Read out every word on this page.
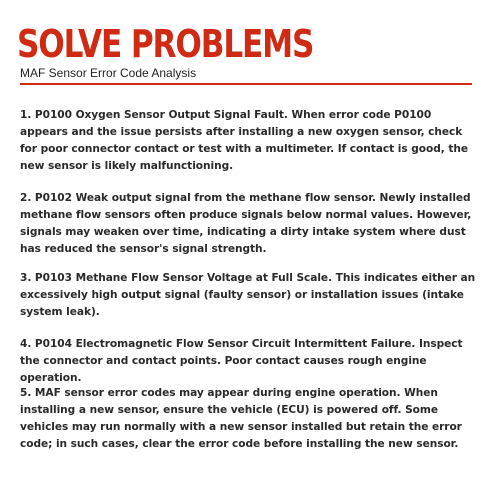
SOLVE PROBLEMS
MAF Sensor Error Code Analysis

1. P0100 Oxygen Sensor Output Signal Fault. When error code P0100 appears and the issue persists after installing a new oxygen sensor, check for poor connector contact or test with a multimeter. If contact is good, the new sensor is likely malfunctioning.

2. P0102 Weak output signal from the methane flow sensor. Newly installed methane flow sensors often produce signals below normal values. However, signals may weaken over time, indicating a dirty intake system where dust has reduced the sensor's signal strength.

3. P0103 Methane Flow Sensor Voltage at Full Scale. This indicates either an excessively high output signal (faulty sensor) or installation issues (intake system leak).

4. P0104 Electromagnetic Flow Sensor Circuit Intermittent Failure. Inspect the connector and contact points. Poor contact causes rough engine operation.

5. MAF sensor error codes may appear during engine operation. When installing a new sensor, ensure the vehicle (ECU) is powered off. Some vehicles may run normally with a new sensor installed but retain the error code; in such cases, clear the error code before installing the new sensor.
